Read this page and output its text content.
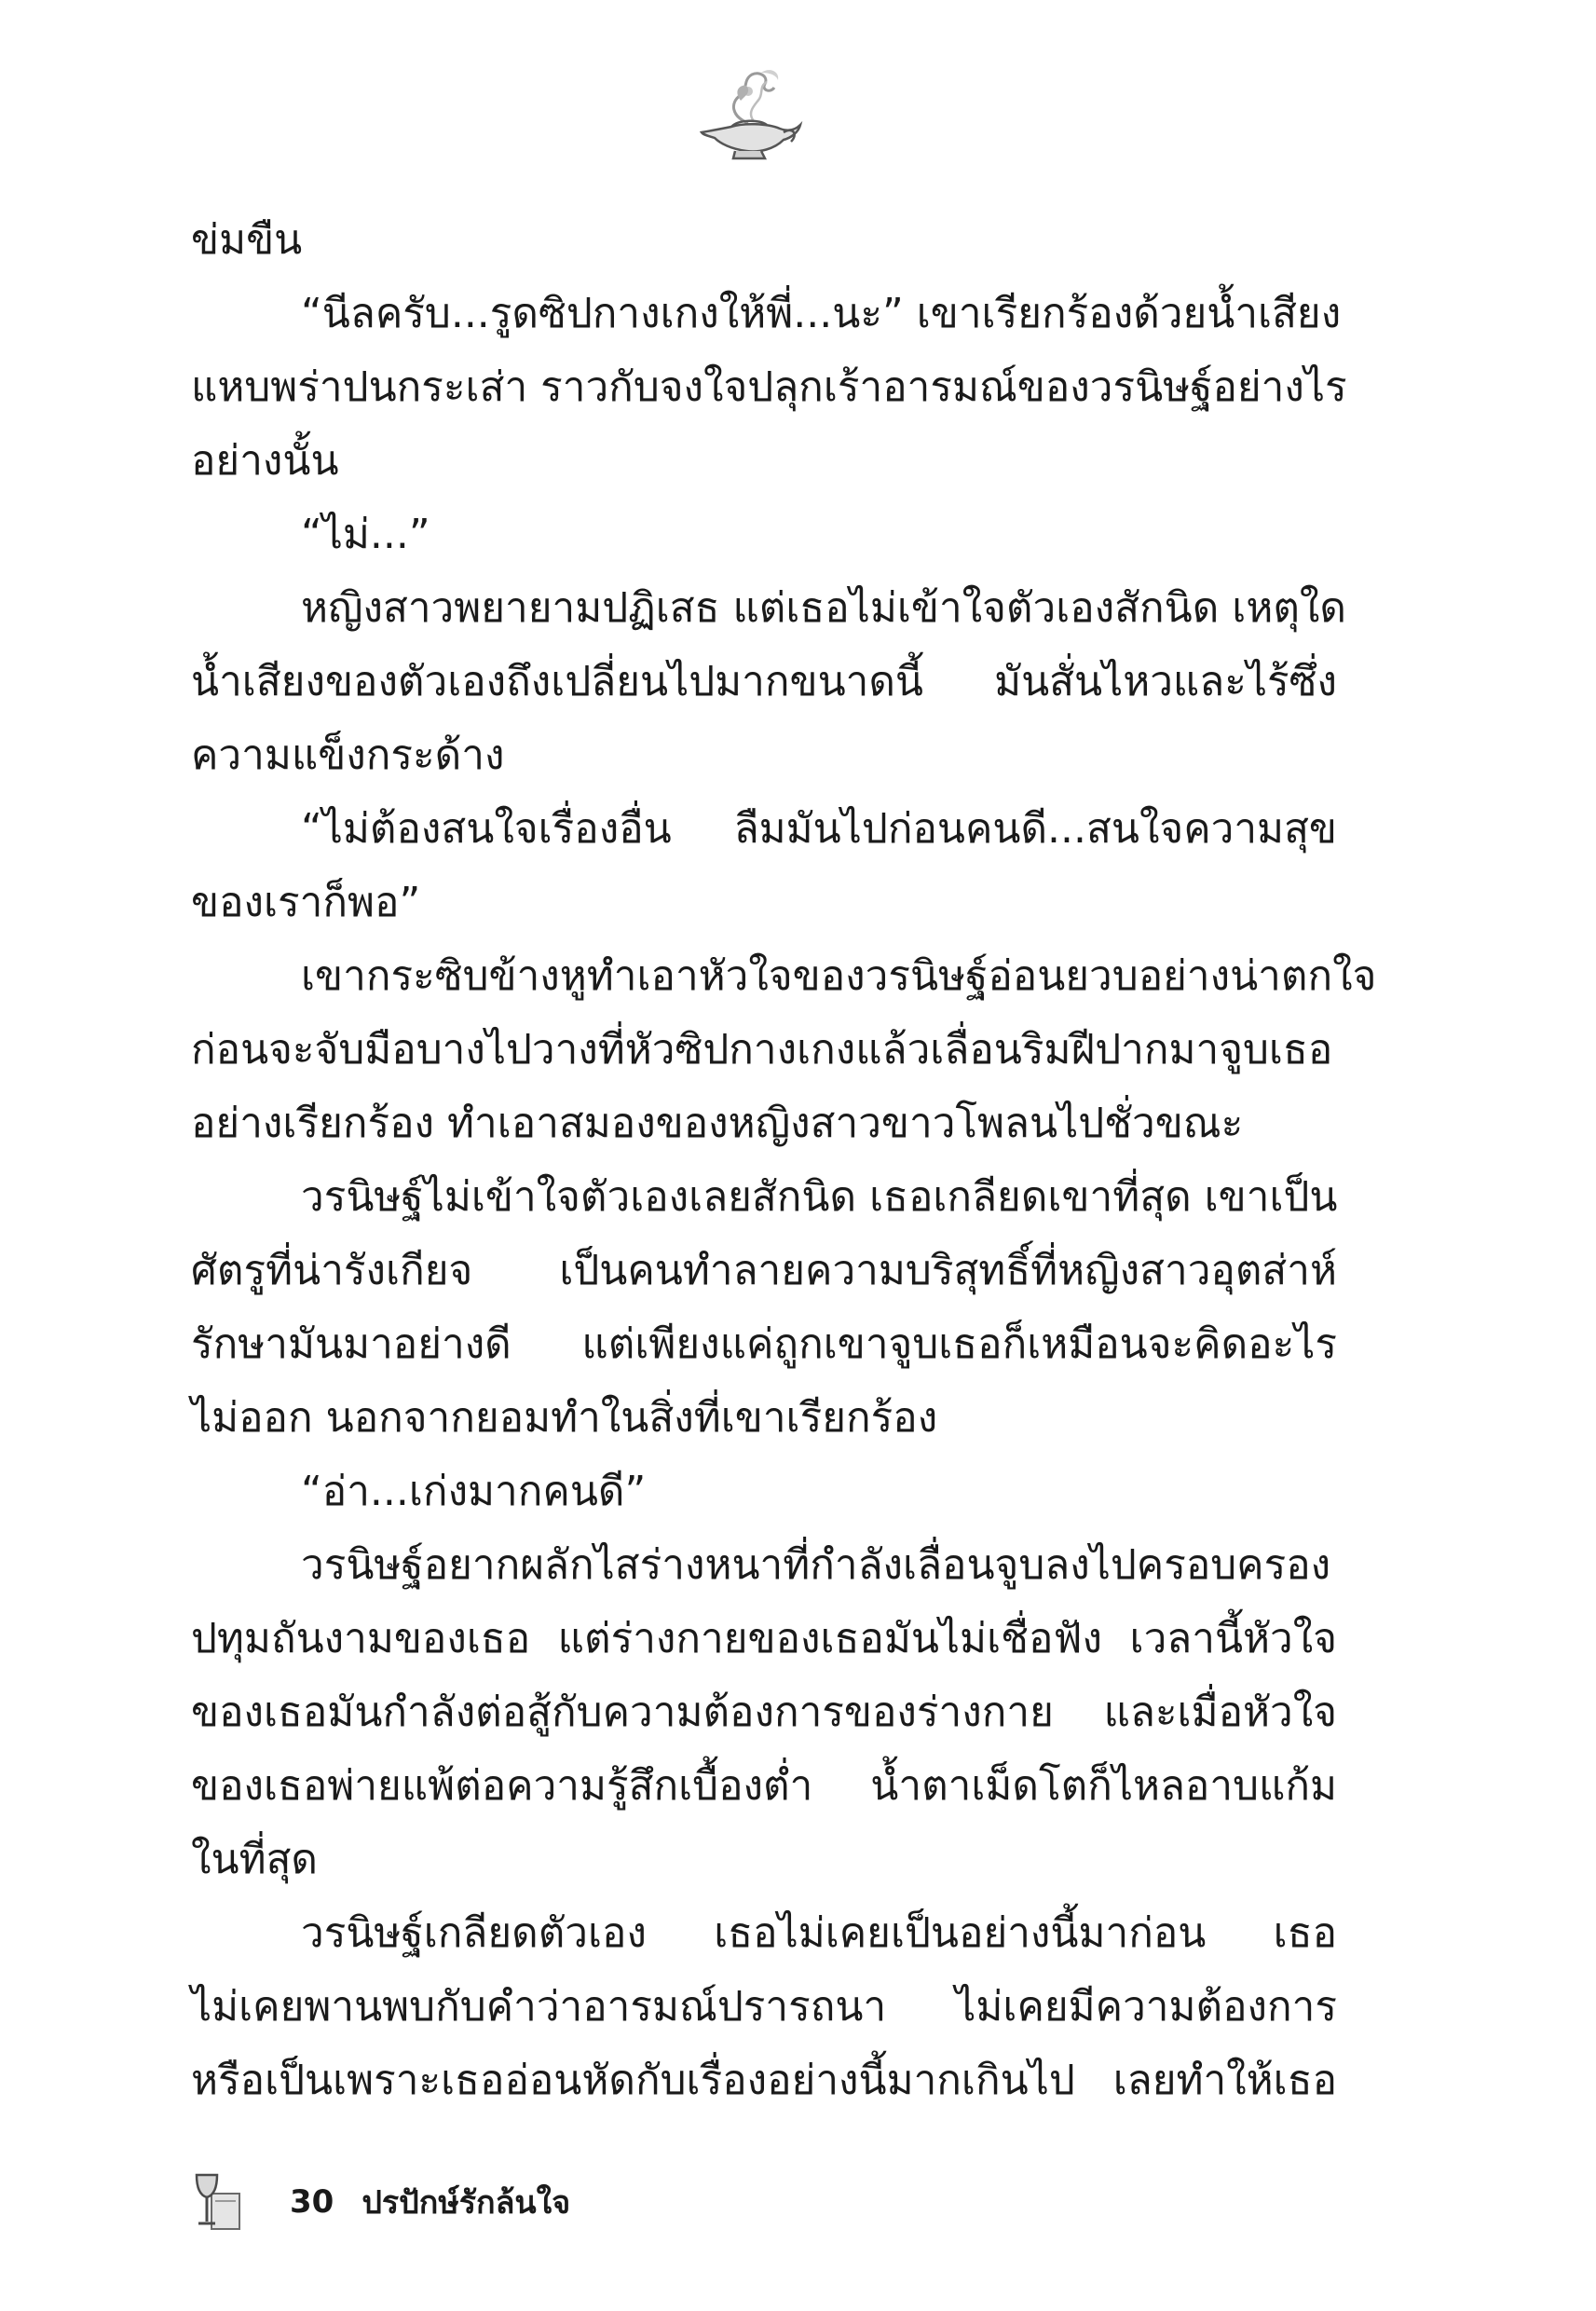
ข่มขืน
“นีลครับ...รูดซิปกางเกงให้พี่...นะ” เขาเรียกร้องด้วยน้ำเสียง
แหบพร่าปนกระเส่า ราวกับจงใจปลุกเร้าอารมณ์ของวรนิษฐ์อย่างไร
อย่างนั้น
“ไม่...”
หญิงสาวพยายามปฏิเสธ แต่เธอไม่เข้าใจตัวเองสักนิด เหตุใด
น้ำเสียงของตัวเองถึงเปลี่ยนไปมากขนาดนี้ มันสั่นไหวและไร้ซึ่ง
ความแข็งกระด้าง
“ไม่ต้องสนใจเรื่องอื่น ลืมมันไปก่อนคนดี...สนใจความสุข
ของเราก็พอ”
เขากระซิบข้างหูทำเอาหัวใจของวรนิษฐ์อ่อนยวบอย่างน่าตกใจ
ก่อนจะจับมือบางไปวางที่หัวซิปกางเกงแล้วเลื่อนริมฝีปากมาจูบเธอ
อย่างเรียกร้อง ทำเอาสมองของหญิงสาวขาวโพลนไปชั่วขณะ
วรนิษฐ์ไม่เข้าใจตัวเองเลยสักนิด เธอเกลียดเขาที่สุด เขาเป็น
ศัตรูที่น่ารังเกียจ เป็นคนทำลายความบริสุทธิ์ที่หญิงสาวอุตส่าห์
รักษามันมาอย่างดี แต่เพียงแค่ถูกเขาจูบเธอก็เหมือนจะคิดอะไร
ไม่ออก นอกจากยอมทำในสิ่งที่เขาเรียกร้อง
“อ่า...เก่งมากคนดี”
วรนิษฐ์อยากผลักไสร่างหนาที่กำลังเลื่อนจูบลงไปครอบครอง
ปทุมถันงามของเธอ แต่ร่างกายของเธอมันไม่เชื่อฟัง เวลานี้หัวใจ
ของเธอมันกำลังต่อสู้กับความต้องการของร่างกาย และเมื่อหัวใจ
ของเธอพ่ายแพ้ต่อความรู้สึกเบื้องต่ำ น้ำตาเม็ดโตก็ไหลอาบแก้ม
ในที่สุด
วรนิษฐ์เกลียดตัวเอง เธอไม่เคยเป็นอย่างนี้มาก่อน เธอ
ไม่เคยพานพบกับคำว่าอารมณ์ปรารถนา ไม่เคยมีความต้องการ
หรือเป็นเพราะเธออ่อนหัดกับเรื่องอย่างนี้มากเกินไป เลยทำให้เธอ
30 ปรปักษ์รักล้นใจ
